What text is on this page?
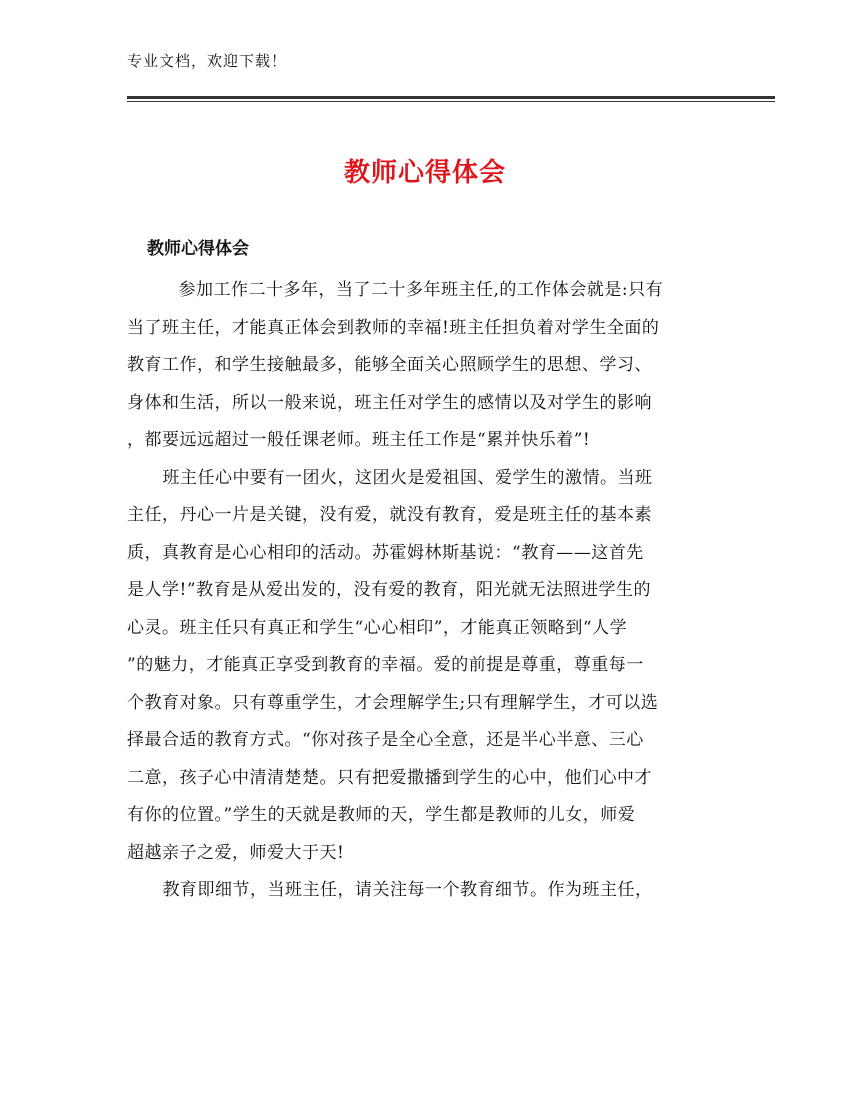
专业文档，欢迎下载！
教师心得体会
教师心得体会
　参加工作二十多年，当了二十多年班主任,的工作体会就是:只有
当了班主任，才能真正体会到教师的幸福!班主任担负着对学生全面的
教育工作，和学生接触最多，能够全面关心照顾学生的思想、学习、
身体和生活，所以一般来说，班主任对学生的感情以及对学生的影响
，都要远远超过一般任课老师。班主任工作是“累并快乐着”!
　班主任心中要有一团火，这团火是爱祖国、爱学生的激情。当班
主任，丹心一片是关键，没有爱，就没有教育，爱是班主任的基本素
质，真教育是心心相印的活动。苏霍姆林斯基说：“教育——这首先
是人学!”教育是从爱出发的，没有爱的教育，阳光就无法照进学生的
心灵。班主任只有真正和学生“心心相印”，才能真正领略到“人学
”的魅力，才能真正享受到教育的幸福。爱的前提是尊重，尊重每一
个教育对象。只有尊重学生，才会理解学生;只有理解学生，才可以选
择最合适的教育方式。“你对孩子是全心全意，还是半心半意、三心
二意，孩子心中清清楚楚。只有把爱撒播到学生的心中，他们心中才
有你的位置。”学生的天就是教师的天，学生都是教师的儿女，师爱
超越亲子之爱，师爱大于天!
　教育即细节，当班主任，请关注每一个教育细节。作为班主任，
